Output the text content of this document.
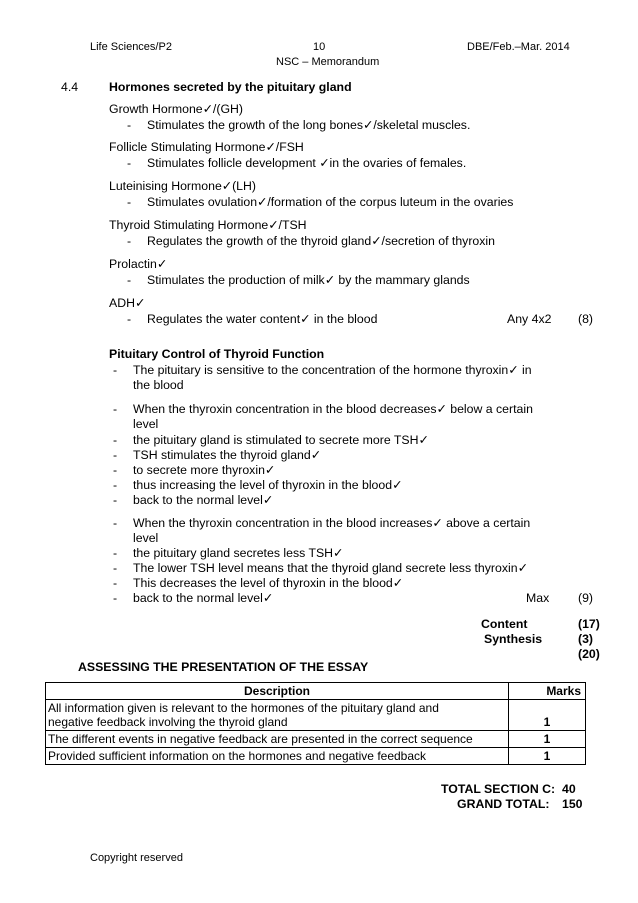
Life Sciences/P2	10	DBE/Feb.–Mar. 2014
NSC – Memorandum
4.4	Hormones secreted by the pituitary gland
Growth Hormone✓/(GH)
- Stimulates the growth of the long bones✓/skeletal muscles.
Follicle Stimulating Hormone✓/FSH
- Stimulates follicle development ✓in the ovaries of females.
Luteinising Hormone✓(LH)
- Stimulates ovulation✓/formation of the corpus luteum in the ovaries
Thyroid Stimulating Hormone✓/TSH
- Regulates the growth of the thyroid gland✓/secretion of thyroxin
Prolactin✓
- Stimulates the production of milk✓ by the mammary glands
ADH✓
- Regulates the water content✓ in the blood	Any 4x2 (8)
Pituitary Control of Thyroid Function
- The pituitary is sensitive to the concentration of the hormone thyroxin✓ in
the blood
- When the thyroxin concentration in the blood decreases✓ below a certain
level
- the pituitary gland is stimulated to secrete more TSH✓
- TSH stimulates the thyroid gland✓
- to secrete more thyroxin✓
- thus increasing the level of thyroxin in the blood✓
- back to the normal level✓
- When the thyroxin concentration in the blood increases✓ above a certain
level
- the pituitary gland secretes less TSH✓
- The lower TSH level means that the thyroid gland secrete less thyroxin✓
- This decreases the level of thyroxin in the blood✓
- back to the normal level✓	Max (9)
Content	(17)
Synthesis	(3)
(20)
ASSESSING THE PRESENTATION OF THE ESSAY
Description	Marks

All information given is relevant to the hormones of the pituitary gland and
negative feedback involving the thyroid gland	1
The different events in negative feedback are presented in the correct sequence	1
Provided sufficient information on the hormones and negative feedback	1
TOTAL SECTION C: 40
GRAND TOTAL: 150
Copyright reserved
